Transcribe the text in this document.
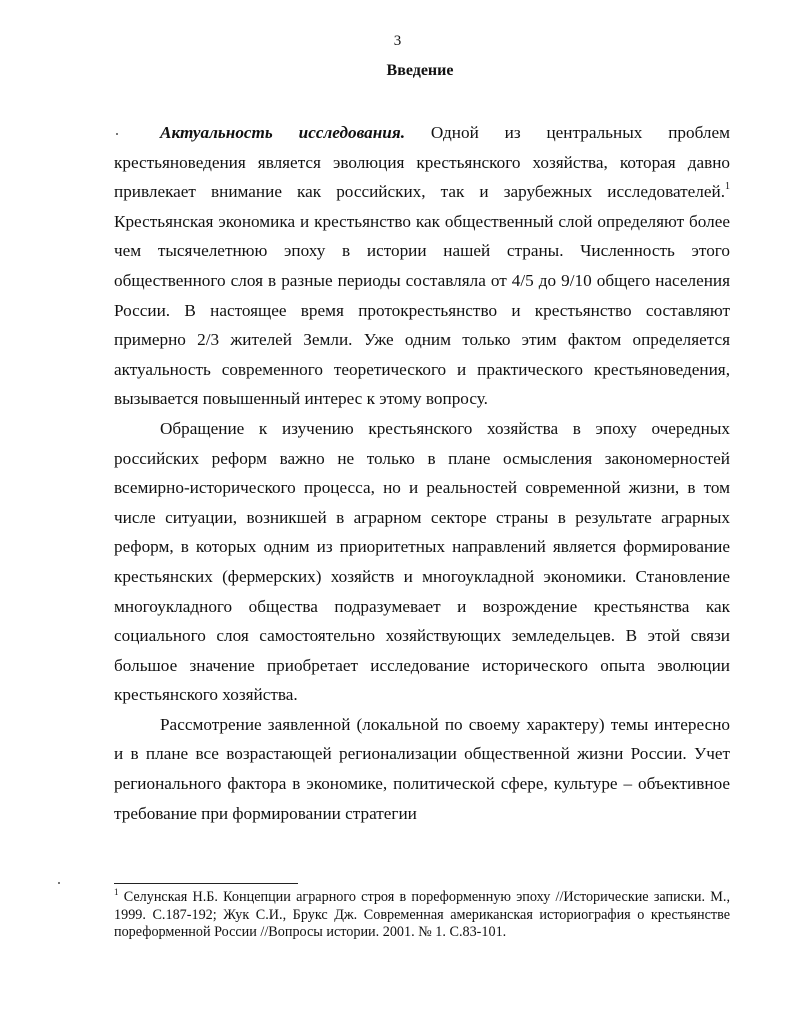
3
Введение

Актуальность исследования. Одной из центральных проблем крестьяноведения является эволюция крестьянского хозяйства, которая давно привлекает внимание как российских, так и зарубежных исследователей.$^1$ Крестьянская экономика и крестьянство как общественный слой определяют более чем тысячелетнюю эпоху в истории нашей страны. Численность этого общественного слоя в разные периоды составляла от 4/5 до 9/10 общего населения России. В настоящее время протокрестьянство и крестьянство составляют примерно 2/3 жителей Земли. Уже одним только этим фактом определяется актуальность современного теоретического и практического крестьяноведения, вызывается повышенный интерес к этому вопросу.

Обращение к изучению крестьянского хозяйства в эпоху очередных российских реформ важно не только в плане осмысления закономерностей всемирно-исторического процесса, но и реальностей современной жизни, в том числе ситуации, возникшей в аграрном секторе страны в результате аграрных реформ, в которых одним из приоритетных направлений является формирование крестьянских (фермерских) хозяйств и многоукладной экономики. Становление многоукладного общества подразумевает и возрождение крестьянства как социального слоя самостоятельно хозяйствующих земледельцев. В этой связи большое значение приобретает исследование исторического опыта эволюции крестьянского хозяйства.

Рассмотрение заявленной (локальной по своему характеру) темы интересно и в плане все возрастающей регионализации общественной жизни России. Учет регионального фактора в экономике, политической сфере, культуре – объективное требование при формировании стратегии

$^1$ Селунская Н.Б. Концепции аграрного строя в пореформенную эпоху //Исторические записки. М., 1999. С.187-192; Жук С.И., Брукс Дж. Современная американская историография о крестьянстве пореформенной России //Вопросы истории. 2001. № 1. С.83-101.
